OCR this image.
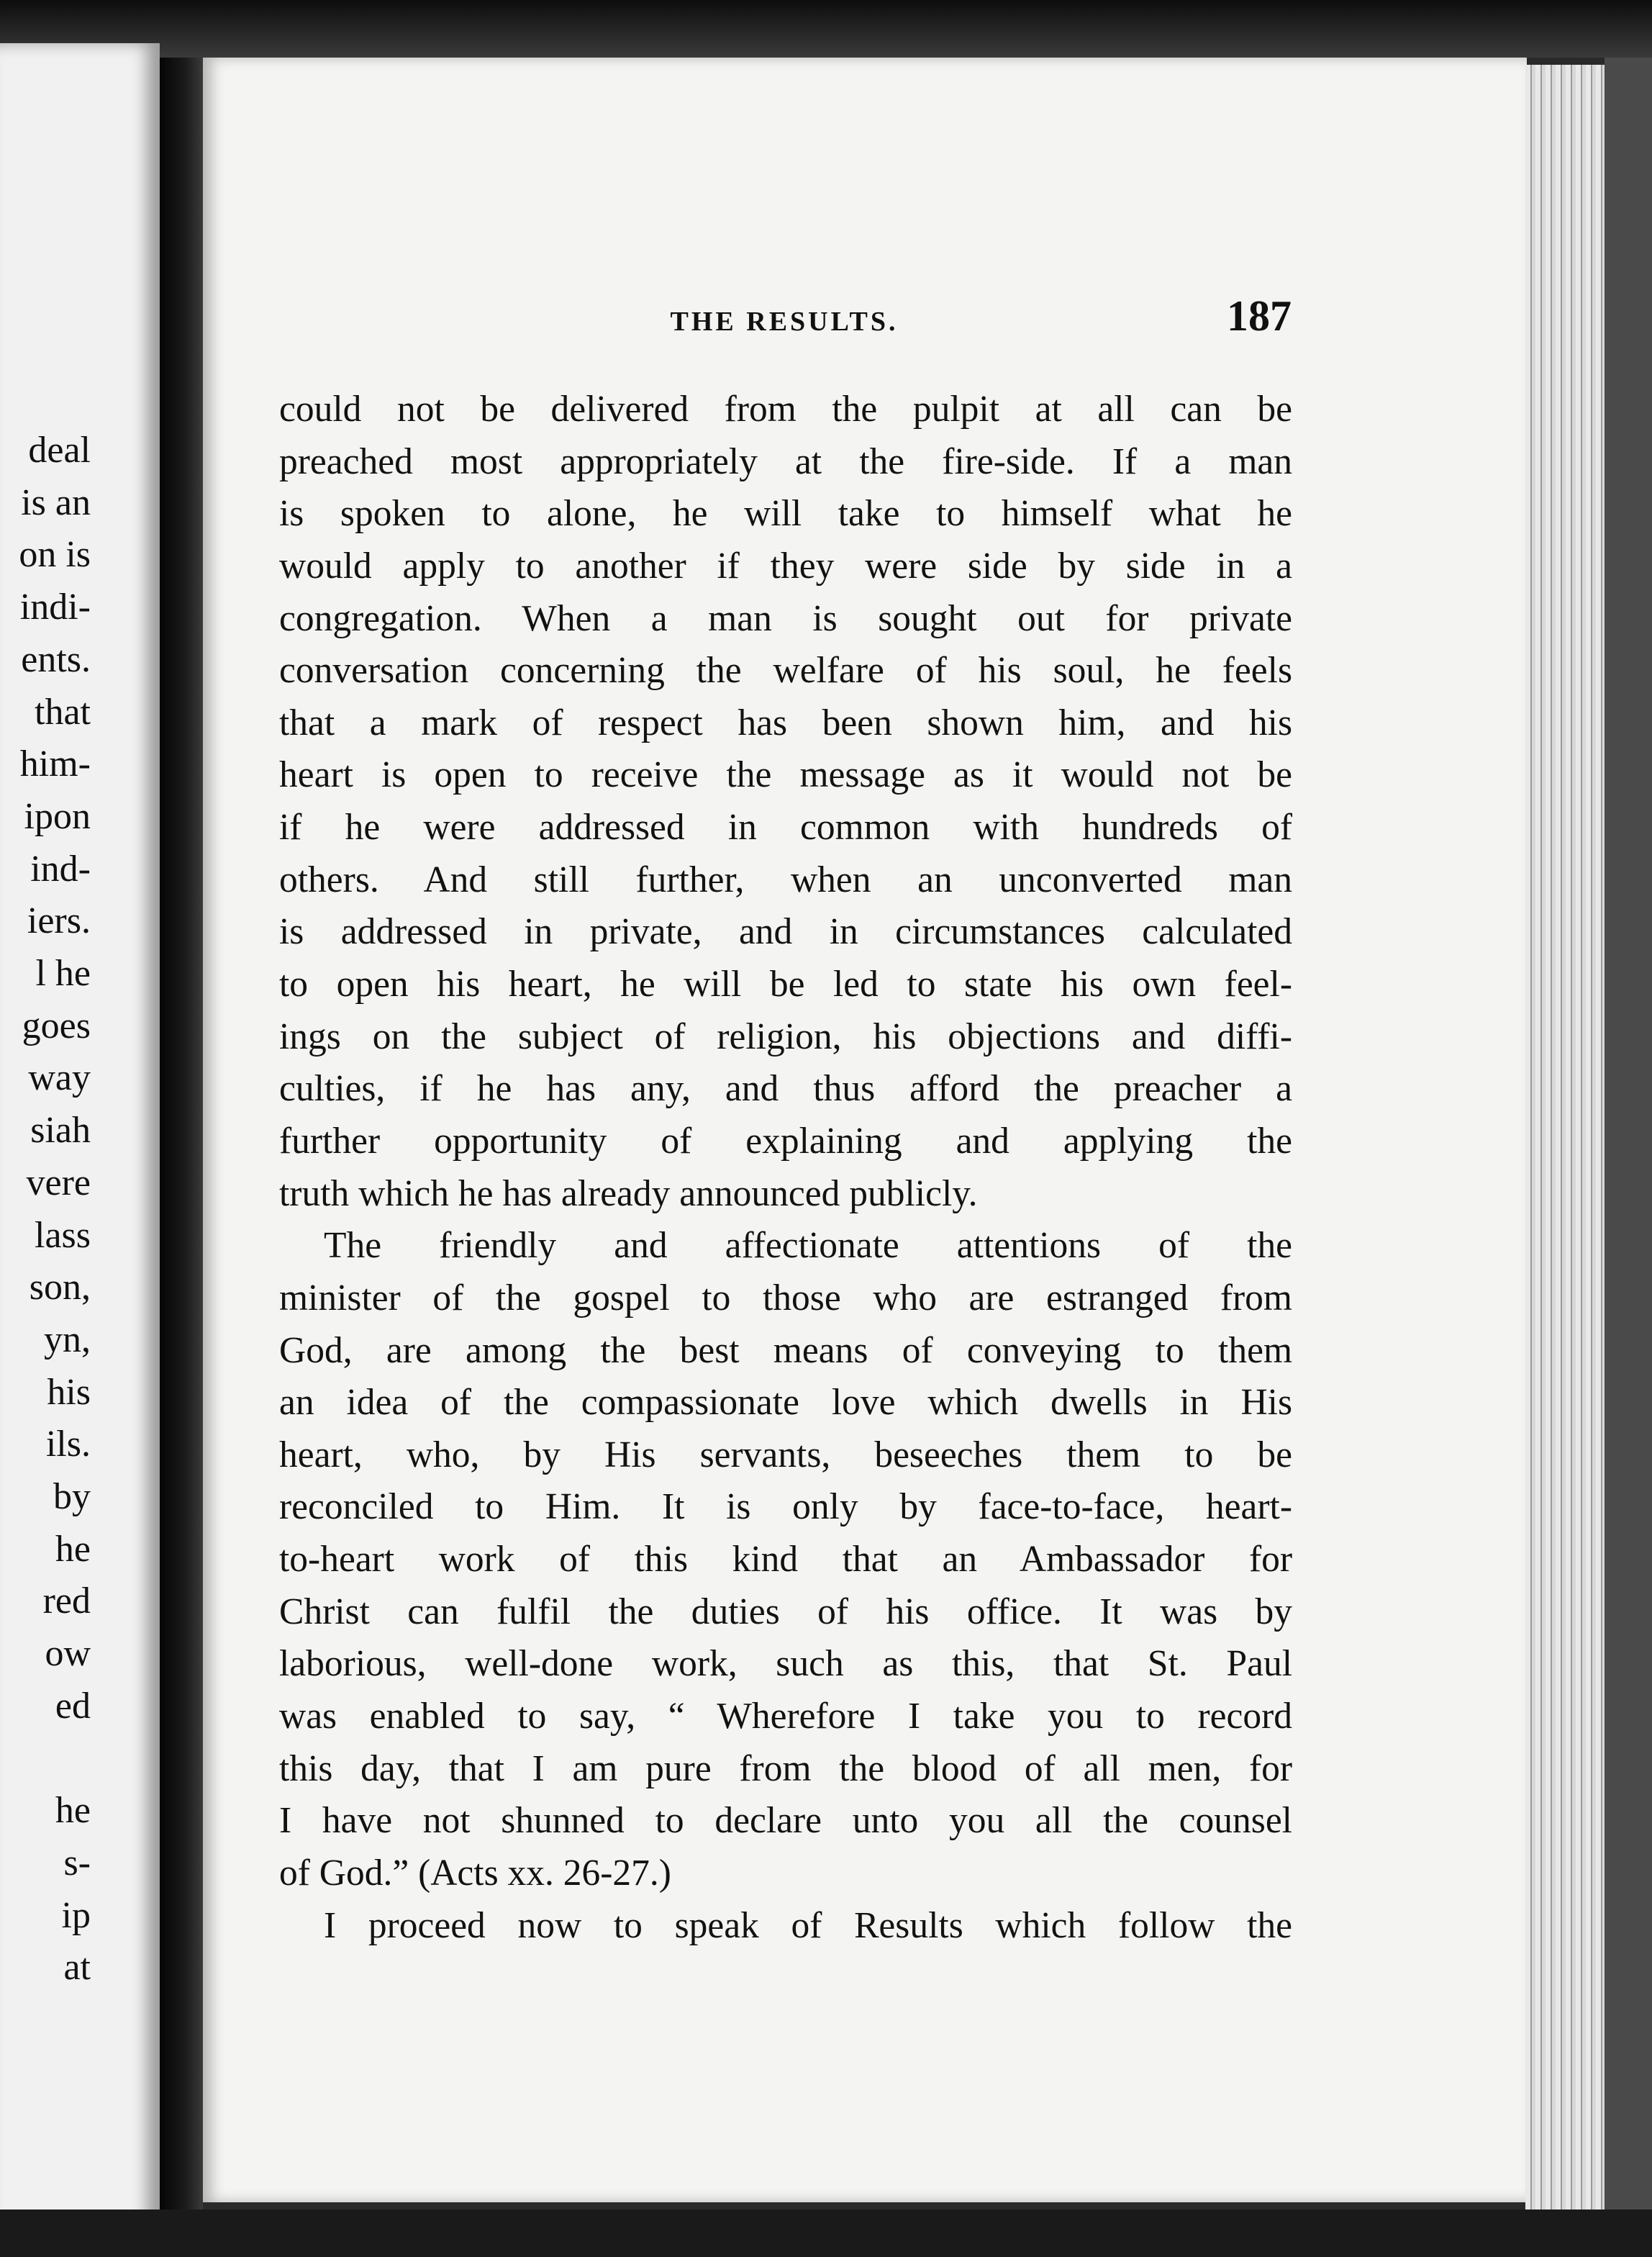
deal
is an
on is
indi-
ents.
that
him-
ipon
ind-
iers.
l he
goes
way
siah
vere
lass
son,
yn,
his
ils.
by
he
red
ow
ed

he
s-
ip
at
THE RESULTS.	187
could not be delivered from the pulpit at all can be
preached most appropriately at the fire-side. If a man
is spoken to alone, he will take to himself what he
would apply to another if they were side by side in a
congregation. When a man is sought out for private
conversation concerning the welfare of his soul, he feels
that a mark of respect has been shown him, and his
heart is open to receive the message as it would not be
if he were addressed in common with hundreds of
others. And still further, when an unconverted man
is addressed in private, and in circumstances calculated
to open his heart, he will be led to state his own feel-
ings on the subject of religion, his objections and diffi-
culties, if he has any, and thus afford the preacher a
further opportunity of explaining and applying the
truth which he has already announced publicly.
The friendly and affectionate attentions of the
minister of the gospel to those who are estranged from
God, are among the best means of conveying to them
an idea of the compassionate love which dwells in His
heart, who, by His servants, beseeches them to be
reconciled to Him. It is only by face-to-face, heart-
to-heart work of this kind that an Ambassador for
Christ can fulfil the duties of his office. It was by
laborious, well-done work, such as this, that St. Paul
was enabled to say, “ Wherefore I take you to record
this day, that I am pure from the blood of all men, for
I have not shunned to declare unto you all the counsel
of God.” (Acts xx. 26-27.)
I proceed now to speak of Results which follow the
